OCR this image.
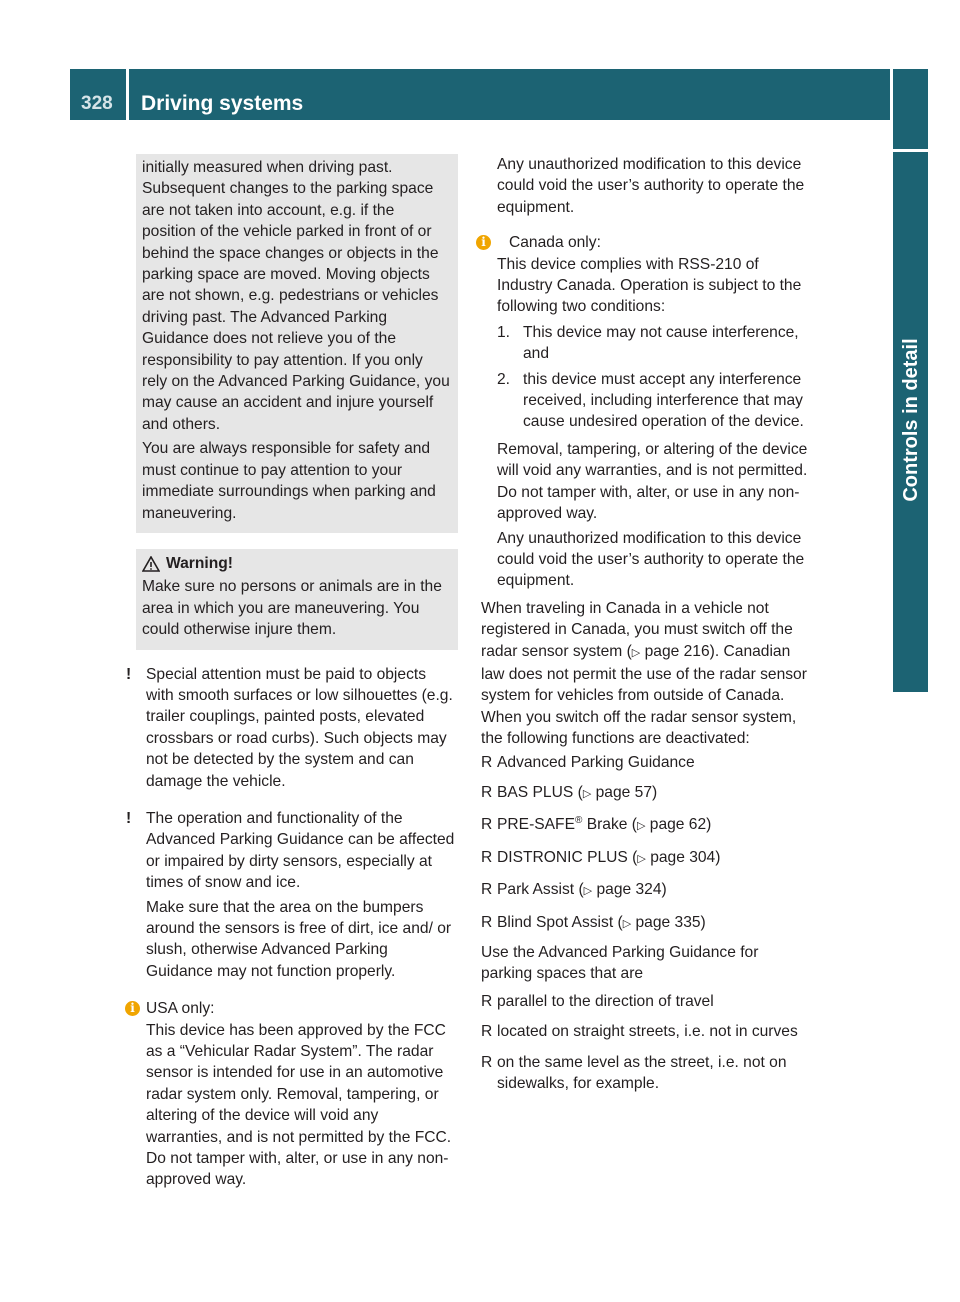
328 Driving systems
Controls in detail

initially measured when driving past. Subsequent changes to the parking space are not taken into account, e.g. if the position of the vehicle parked in front of or behind the space changes or objects in the parking space are moved. Moving objects are not shown, e.g. pedestrians or vehicles driving past. The Advanced Parking Guidance does not relieve you of the responsibility to pay attention. If you only rely on the Advanced Parking Guidance, you may cause an accident and injure yourself and others.

You are always responsible for safety and must continue to pay attention to your immediate surroundings when parking and maneuvering.

Warning!

Make sure no persons or animals are in the area in which you are maneuvering. You could otherwise injure them.

! Special attention must be paid to objects with smooth surfaces or low silhouettes (e.g. trailer couplings, painted posts, elevated crossbars or road curbs). Such objects may not be detected by the system and can damage the vehicle.

! The operation and functionality of the Advanced Parking Guidance can be affected or impaired by dirty sensors, especially at times of snow and ice.

Make sure that the area on the bumpers around the sensors is free of dirt, ice and/ or slush, otherwise Advanced Parking Guidance may not function properly.

i USA only:

This device has been approved by the FCC as a “Vehicular Radar System”. The radar sensor is intended for use in an automotive radar system only. Removal, tampering, or altering of the device will void any warranties, and is not permitted by the FCC. Do not tamper with, alter, or use in any non-approved way.

Any unauthorized modification to this device could void the user’s authority to operate the equipment.

i	Canada only:

This device complies with RSS-210 of Industry Canada. Operation is subject to the following two conditions:

1. This device may not cause interference, and
2. this device must accept any interference received, including interference that may cause undesired operation of the device.

Removal, tampering, or altering of the device will void any warranties, and is not permitted. Do not tamper with, alter, or use in any non-approved way.

Any unauthorized modification to this device could void the user’s authority to operate the equipment.

When traveling in Canada in a vehicle not registered in Canada, you must switch off the radar sensor system (▷ page 216). Canadian law does not permit the use of the radar sensor system for vehicles from outside of Canada. When you switch off the radar sensor system, the following functions are deactivated:

R Advanced Parking Guidance
R BAS PLUS (▷ page 57)
R PRE-SAFE® Brake (▷ page 62)
R DISTRONIC PLUS (▷ page 304)
R Park Assist (▷ page 324)
R Blind Spot Assist (▷ page 335)

Use the Advanced Parking Guidance for parking spaces that are

R parallel to the direction of travel
R located on straight streets, i.e. not in curves
R on the same level as the street, i.e. not on sidewalks, for example.
